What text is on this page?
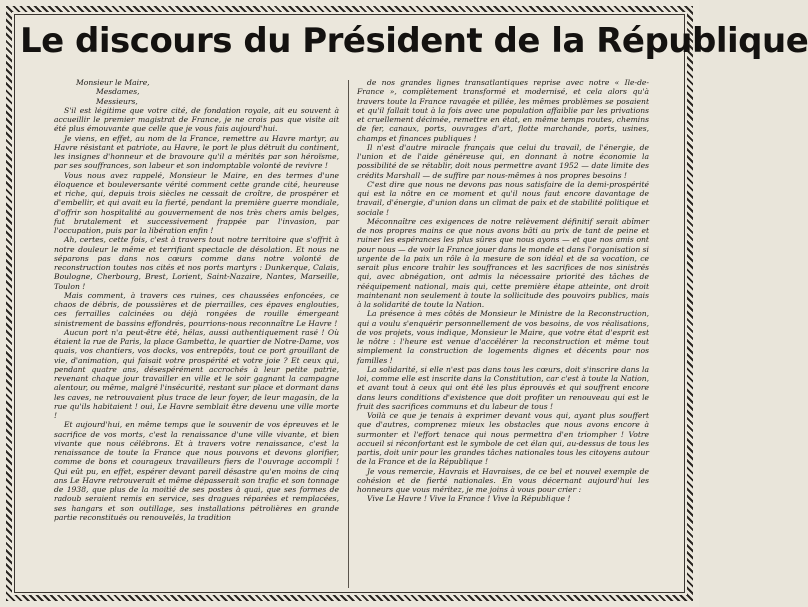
Le discours du Président de la République

Monsieur le Maire,

Mesdames,

Messieurs,

S'il est légitime que votre cité, de fondation royale, ait eu souvent à accueillir le premier magistrat de France, je ne crois pas que visite ait été plus émouvante que celle que je vous fais aujourd'hui.

Je viens, en effet, au nom de la France, remettre au Havre martyr, au Havre résistant et patriote, au Havre, le port le plus détruit du continent, les insignes d'honneur et de bravoure qu'il a mérités par son héroïsme, par ses souffrances, son labeur et son indomptable volonté de revivre !

Vous nous avez rappelé, Monsieur le Maire, en des termes d'une éloquence et bouleversante vérité comment cette grande cité, heureuse et riche, qui, depuis trois siècles ne cessait de croître, de prospérer et d'embellir, et qui avait eu la fierté, pendant la première guerre mondiale, d'offrir son hospitalité au gouvernement de nos très chers amis belges, fut brutalement et successivement frappée par l'invasion, par l'occupation, puis par la libération enfin !

Ah, certes, cette fois, c'est à travers tout notre territoire que s'offrit à notre douleur le même et terrifiant spectacle de désolation. Et nous ne séparons pas dans nos cœurs comme dans notre volonté de reconstruction toutes nos cités et nos ports martyrs : Dunkerque, Calais, Boulogne, Cherbourg, Brest, Lorient, Saint-Nazaire, Nantes, Marseille, Toulon !

Mais comment, à travers ces ruines, ces chaussées enfoncées, ce chaos de débris, de poussières et de pierrailles, ces épaves englouties, ces ferrailles calcinées ou déjà rongées de rouille émergeant sinistrement de bassins effondrés, pourrions-nous reconnaître Le Havre !

Aucun port n'a peut-être été, hélas, aussi authentiquement rasé ! Où étaient la rue de Paris, la place Gambetta, le quartier de Notre-Dame, vos quais, vos chantiers, vos docks, vos entrepôts, tout ce port grouillant de vie, d'animation, qui faisait votre prospérité et votre joie ? Et ceux qui, pendant quatre ans, désespérément accrochés à leur petite patrie, revenant chaque jour travailler en ville et le soir gagnant la campagne alentour, ou même, malgré l'insécurité, restant sur place et dormant dans les caves, ne retrouvaient plus trace de leur foyer, de leur magasin, de la rue qu'ils habitaient ! oui, Le Havre semblait être devenu une ville morte !

Et aujourd'hui, en même temps que le souvenir de vos épreuves et le sacrifice de vos morts, c'est la renaissance d'une ville vivante, et bien vivante que nous célébrons. Et à travers votre renaissance, c'est la renaissance de toute la France que nous pouvons et devons glorifier, comme de bons et courageux travailleurs fiers de l'ouvrage accompli ! Qui eût pu, en effet, espérer devant pareil désastre qu'en moins de cinq ans Le Havre retrouverait et même dépasserait son trafic et son tonnage de 1938, que plus de la moitié de ses postes à quai, que ses formes de radoub seraient remis en service, ses dragues réparées et remplacées, ses hangars et son outillage, ses installations pétrolières en grande partie reconstitués ou renouvelés, la tradition

de nos grandes lignes transatlantiques reprise avec notre « Ile-de-France », complètement transformé et modernisé, et cela alors qu'à travers toute la France ravagée et pillée, les mêmes problèmes se posaient et qu'il fallait tout à la fois avec une population affaiblie par les privations et cruellement décimée, remettre en état, en même temps routes, chemins de fer, canaux, ports, ouvrages d'art, flotte marchande, ports, usines, champs et finances publiques !

Il n'est d'autre miracle français que celui du travail, de l'énergie, de l'union et de l'aide généreuse qui, en donnant à notre économie la possibilité de se rétablir, doit nous permettre avant 1952 — date limite des crédits Marshall — de suffire par nous-mêmes à nos propres besoins !

C'est dire que nous ne devons pas nous satisfaire de la demi-prospérité qui est la nôtre en ce moment et qu'il nous faut encore davantage de travail, d'énergie, d'union dans un climat de paix et de stabilité politique et sociale !

Méconnaître ces exigences de notre relèvement définitif serait abîmer de nos propres mains ce que nous avons bâti au prix de tant de peine et ruiner les espérances les plus sûres que nous ayons — et que nos amis ont pour nous — de voir la France jouer dans le monde et dans l'organisation si urgente de la paix un rôle à la mesure de son idéal et de sa vocation, ce serait plus encore trahir les souffrances et les sacrifices de nos sinistrés qui, avec abnégation, ont admis la nécessaire priorité des tâches de rééquipement national, mais qui, cette première étape atteinte, ont droit maintenant non seulement à toute la sollicitude des pouvoirs publics, mais à la solidarité de toute la Nation.

La présence à mes côtés de Monsieur le Ministre de la Reconstruction, qui a voulu s'enquérir personnellement de vos besoins, de vos réalisations, de vos projets, vous indique, Monsieur le Maire, que votre état d'esprit est le nôtre : l'heure est venue d'accélérer la reconstruction et même tout simplement la construction de logements dignes et décents pour nos familles !

La solidarité, si elle n'est pas dans tous les cœurs, doit s'inscrire dans la loi, comme elle est inscrite dans la Constitution, car c'est à toute la Nation, et avant tout à ceux qui ont été les plus éprouvés et qui souffrent encore dans leurs conditions d'existence que doit profiter un renouveau qui est le fruit des sacrifices communs et du labeur de tous !

Voilà ce que je tenais à exprimer devant vous qui, ayant plus souffert que d'autres, comprenez mieux les obstacles que nous avons encore à surmonter et l'effort tenace qui nous permettra d'en triompher ! Votre accueil si réconfortant est le symbole de cet élan qui, au-dessus de tous les partis, doit unir pour les grandes tâches nationales tous les citoyens autour de la France et de la République !

Je vous remercie, Havrais et Havraises, de ce bel et nouvel exemple de cohésion et de fierté nationales. En vous décernant aujourd'hui les honneurs que vous méritez, je me joins à vous pour crier :

Vive Le Havre ! Vive la France ! Vive la République !
